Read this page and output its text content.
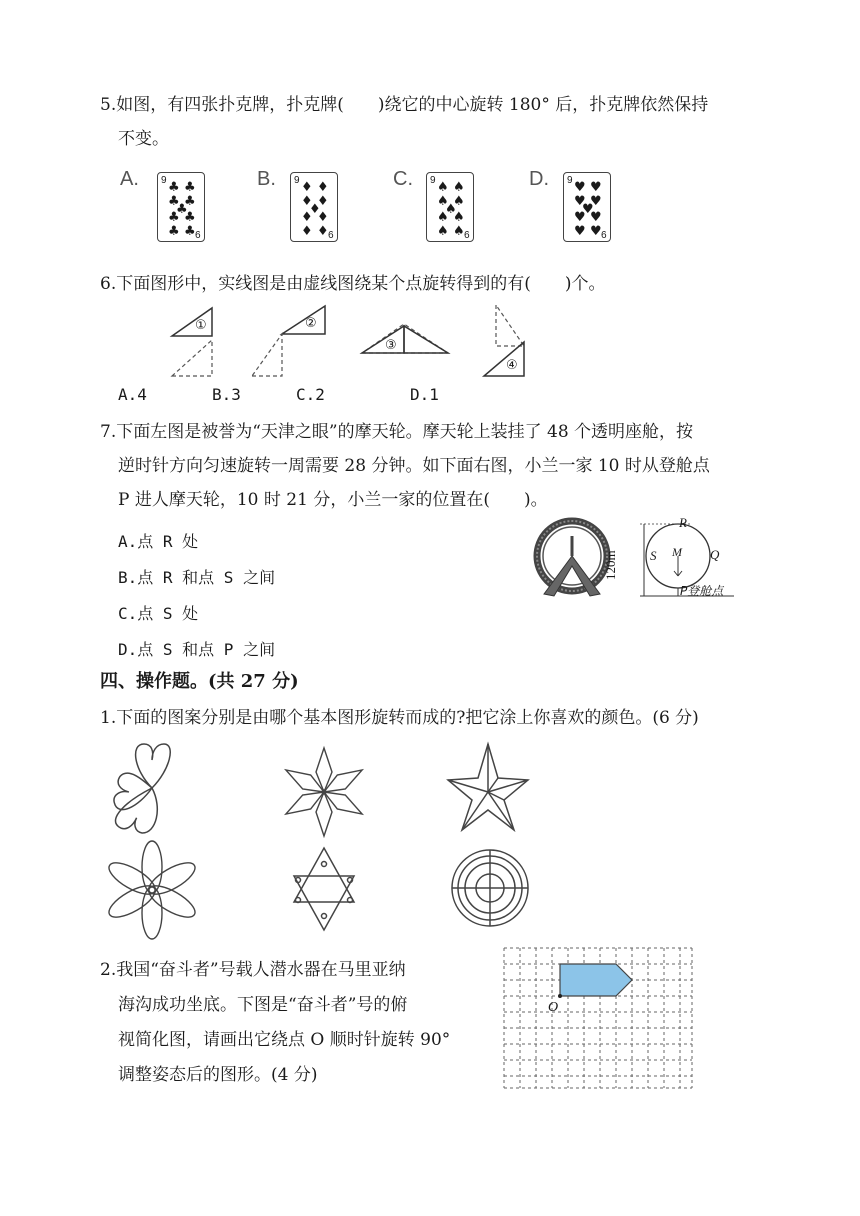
5.如图，有四张扑克牌，扑克牌(　　)绕它的中心旋转 180° 后，扑克牌依然保持
不变。
A. 9
9
♣ ♣
♣ ♣
♣
♣ ♣
♣ ♣
B. 9
9
♦ ♦
♦ ♦
♦
♦ ♦
♦ ♦
C. 9
9
♠ ♠
♠ ♠
♠
♠ ♠
♠ ♠
D. 9
9
♥ ♥
♥ ♥
♥
♥ ♥
♥ ♥
6.下面图形中，实线图是由虚线图绕某个点旋转得到的有(　　)个。
①	②
③
④
A.4	B.3	C.2	D.1
7.下面左图是被誉为“天津之眼”的摩天轮。摩天轮上装挂了 48 个透明座舱，按
逆时针方向匀速旋转一周需要 28 分钟。如下面右图，小兰一家 10 时从登舱点
P 进人摩天轮，10 时 21 分，小兰一家的位置在(　　)。
A.点 R 处
B.点 R 和点 S 之间
C.点 S 处
D.点 S 和点 P 之间
120m
R
S M Q
P登舱点
四、操作题。(共 27 分)
1.下面的图案分别是由哪个基本图形旋转而成的?把它涂上你喜欢的颜色。(6 分)
2.我国“奋斗者”号载人潜水器在马里亚纳
海沟成功坐底。下图是“奋斗者”号的俯
视简化图，请画出它绕点 O 顺时针旋转 90°
调整姿态后的图形。(4 分)
O
